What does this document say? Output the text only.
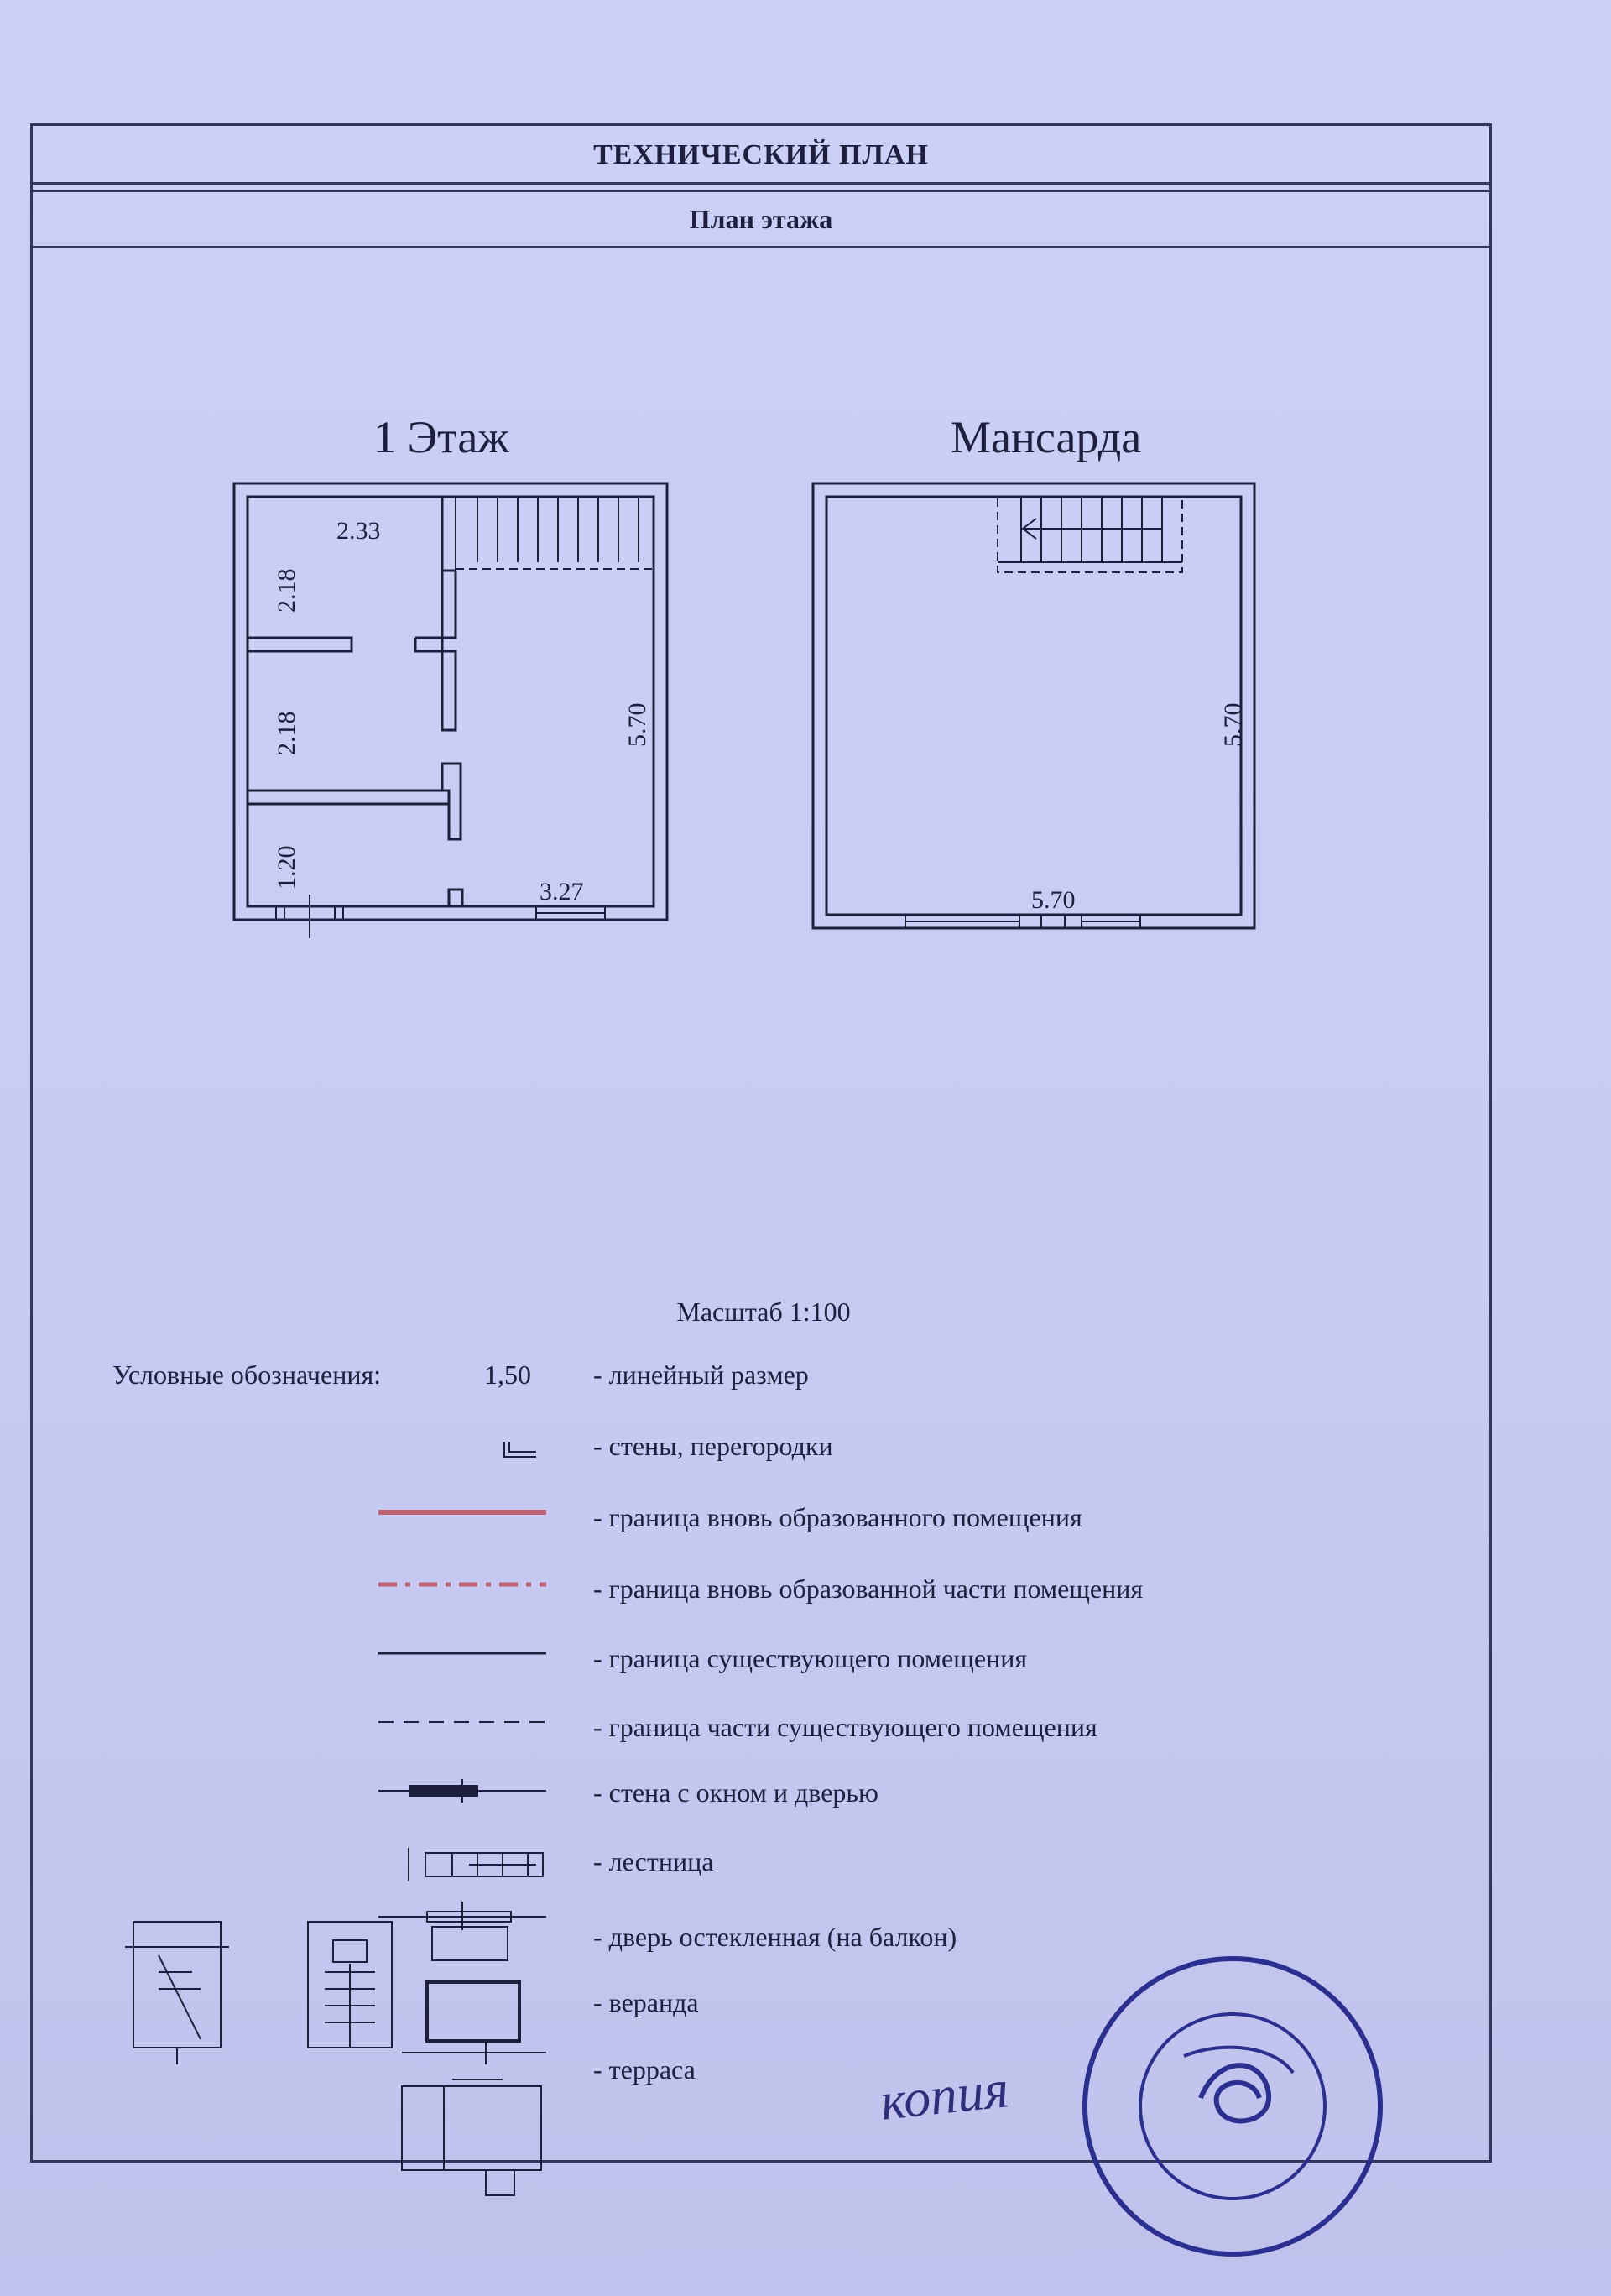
ТЕХНИЧЕСКИЙ ПЛАН
План этажа
1 Этаж	Мансарда
2.33
2.18
2.18
1.20
5.70
3.27
5.70
5.70
Масштаб 1:100
Условные обозначения:	1,50 - линейный размер
- стены, перегородки
- граница вновь образованного помещения
- граница вновь образованной части помещения
- граница существующего помещения
- граница части существующего помещения
- стена с окном и дверью
- лестница
- дверь остекленная (на балкон)
- веранда
- терраса	копия
